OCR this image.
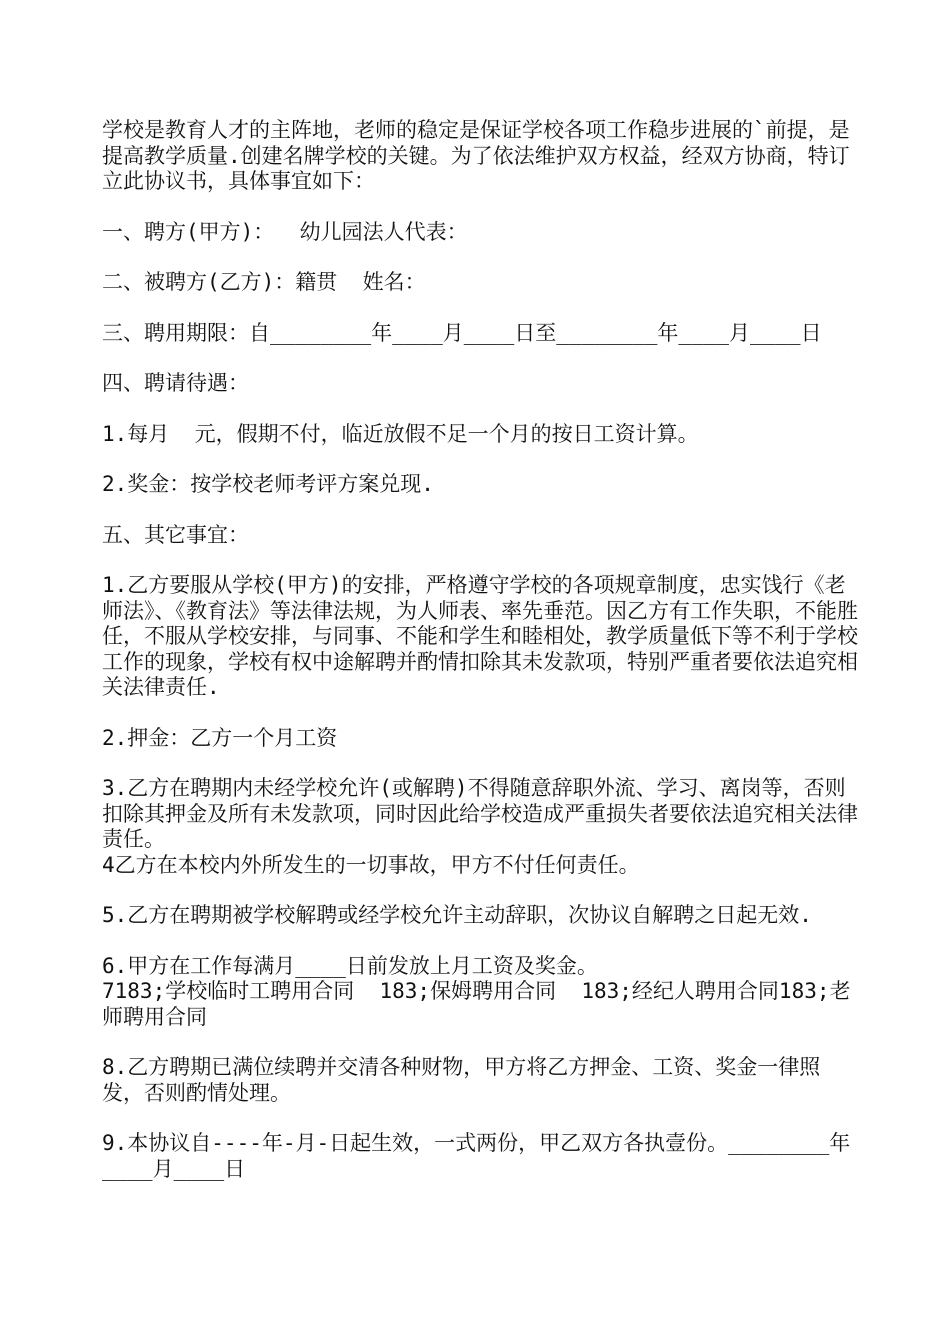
学校是教育人才的主阵地，老师的稳定是保证学校各项工作稳步进展的`前提，是提高教学质量.创建名牌学校的关键。为了依法维护双方权益，经双方协商，特订立此协议书，具体事宜如下：

一、聘方(甲方)：  幼儿园法人代表：

二、被聘方(乙方)：籍贯  姓名：

三、聘用期限：自________年____月____日至________年____月____日

四、聘请待遇：

1.每月  元，假期不付，临近放假不足一个月的按日工资计算。

2.奖金：按学校老师考评方案兑现.

五、其它事宜：

1.乙方要服从学校(甲方)的安排，严格遵守学校的各项规章制度，忠实饯行《老师法》、《教育法》等法律法规，为人师表、率先垂范。因乙方有工作失职，不能胜任，不服从学校安排，与同事、不能和学生和睦相处，教学质量低下等不利于学校工作的现象，学校有权中途解聘并酌情扣除其未发款项，特别严重者要依法追究相关法律责任.

2.押金：乙方一个月工资

3.乙方在聘期内未经学校允许(或解聘)不得随意辞职外流、学习、离岗等，否则扣除其押金及所有未发款项，同时因此给学校造成严重损失者要依法追究相关法律责任。

4乙方在本校内外所发生的一切事故，甲方不付任何责任。

5.乙方在聘期被学校解聘或经学校允许主动辞职，次协议自解聘之日起无效.

6.甲方在工作每满月____日前发放上月工资及奖金。

7183;学校临时工聘用合同  183;保姆聘用合同  183;经纪人聘用合同183;老师聘用合同

8.乙方聘期已满位续聘并交清各种财物，甲方将乙方押金、工资、奖金一律照发，否则酌情处理。

9.本协议自----年-月-日起生效，一式两份，甲乙双方各执壹份。________年____月____日
